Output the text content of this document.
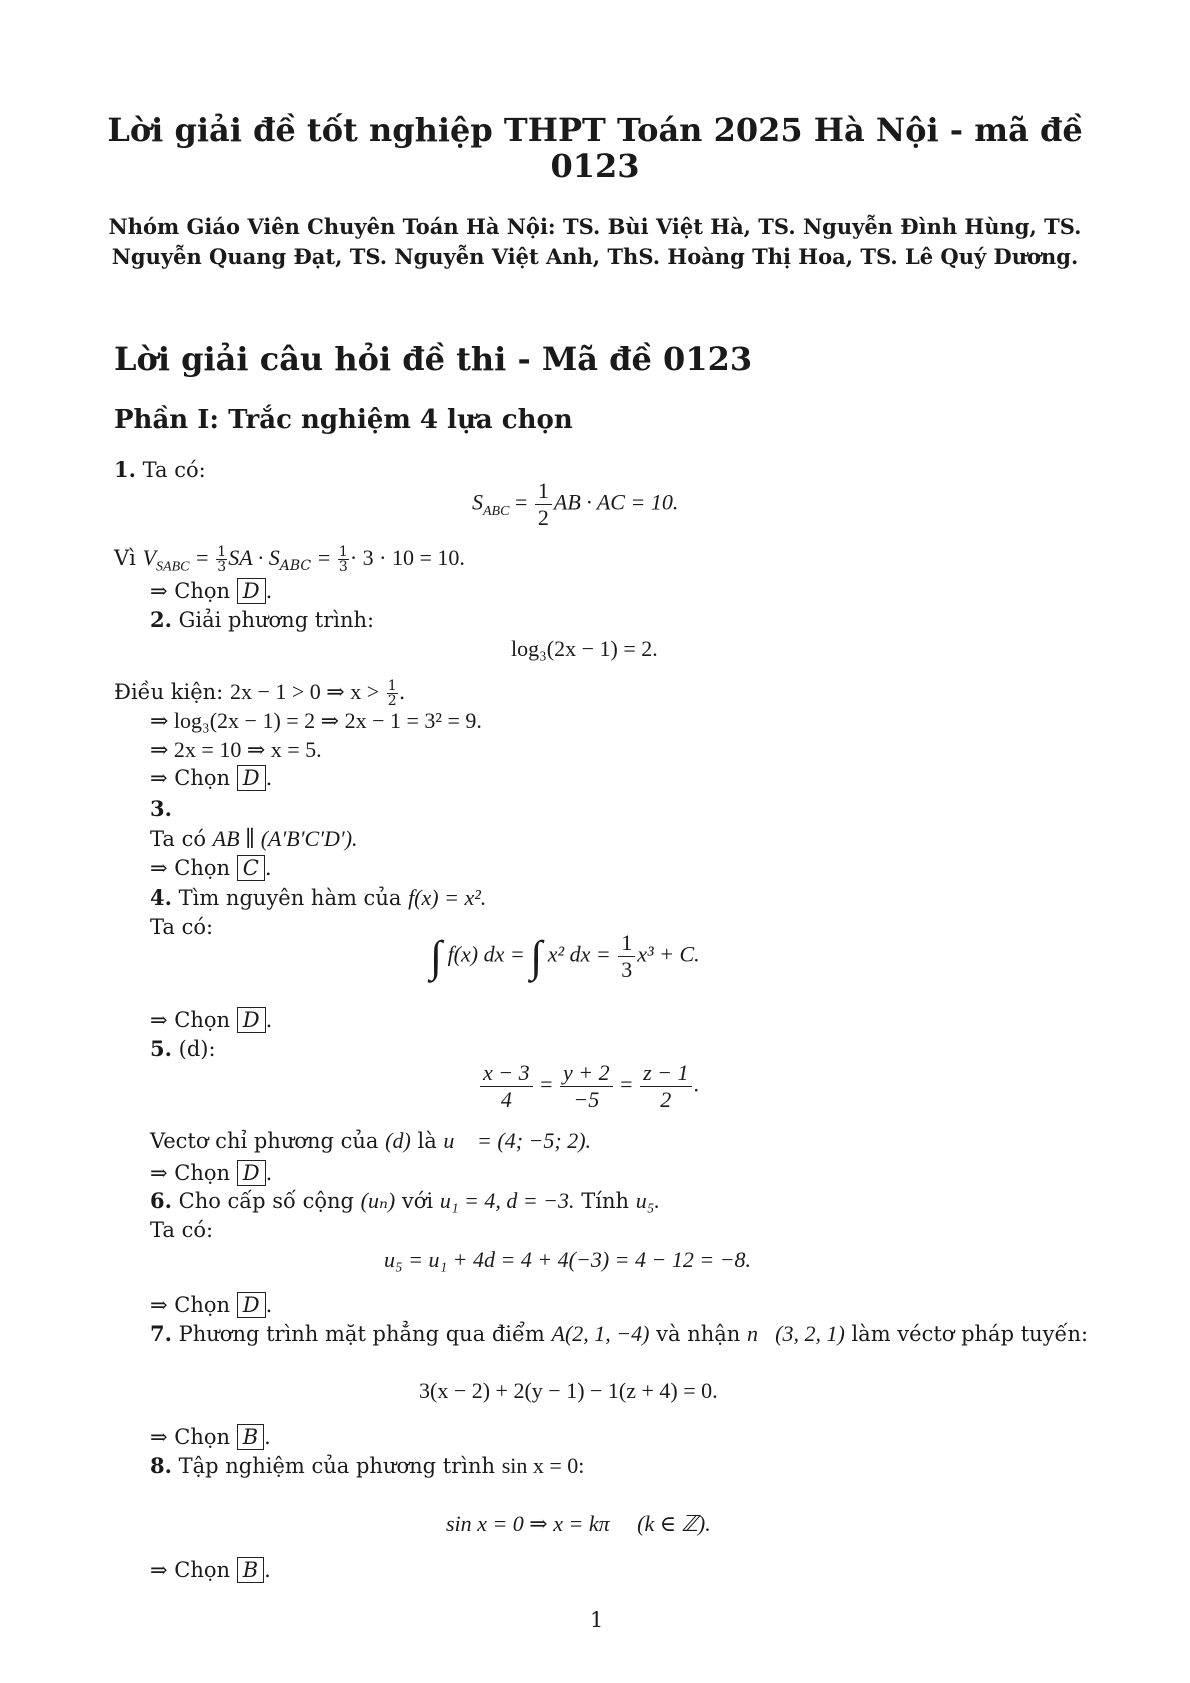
Lời giải đề tốt nghiệp THPT Toán 2025 Hà Nội - mã đề 0123
Nhóm Giáo Viên Chuyên Toán Hà Nội: TS. Bùi Việt Hà, TS. Nguyễn Đình Hùng, TS. Nguyễn Quang Đạt, TS. Nguyễn Việt Anh, ThS. Hoàng Thị Hoa, TS. Lê Quý Dương.
Lời giải câu hỏi đề thi - Mã đề 0123
Phần I: Trắc nghiệm 4 lựa chọn
1. Ta có:
$S_{ABC} = \frac{1}{2}$ AB · AC = 10.
Vì $V_{SABC} = \frac{1}{3}$ SA · $S_{ABC} = \frac{1}{3} \cdot 3 \cdot 10 = 10$.
⇒ Chọn D .
2. Giải phương trình:
log₃(2x − 1) = 2.
Điều kiện: 2x − 1 > 0 ⇒ $x > \frac{1}{2}$ .
⇒ log₃(2x − 1) = 2 ⇒ 2x − 1 = 3² = 9.
⇒ 2x = 10 ⇒ x = 5.
⇒ Chọn D .
3.
Ta có AB ∥ (A′B′C′D′).
⇒ Chọn C .
4. Tìm nguyên hàm của f(x) = x².
Ta có:
∫ f(x) dx = ∫ x² dx = $\frac{1}{3} x^3 + C$.
⇒ Chọn D .
5. (d):
$\frac{x - 3}{4} = \frac{y + 2}{-5} = \frac{z - 1}{2}$ .
Vectơ chỉ phương của (d) là u⃗ = (4; −5; 2).
⇒ Chọn D .
6. Cho cấp số cộng (uₙ) với u₁ = 4, d = −3. Tính u₅.
Ta có:
u₅ = u₁ + 4d = 4 + 4(−3) = 4 − 12 = −8.
⇒ Chọn D .
7. Phương trình mặt phẳng qua điểm A(2, 1, −4) và nhận n⃗(3, 2, 1) làm véctơ pháp tuyến:
3(x − 2) + 2(y − 1) − 1(z + 4) = 0.
⇒ Chọn B .
8. Tập nghiệm của phương trình sin x = 0:
sin x = 0 ⇒ x = kπ (k ∈ ℤ).
⇒ Chọn B .
1
